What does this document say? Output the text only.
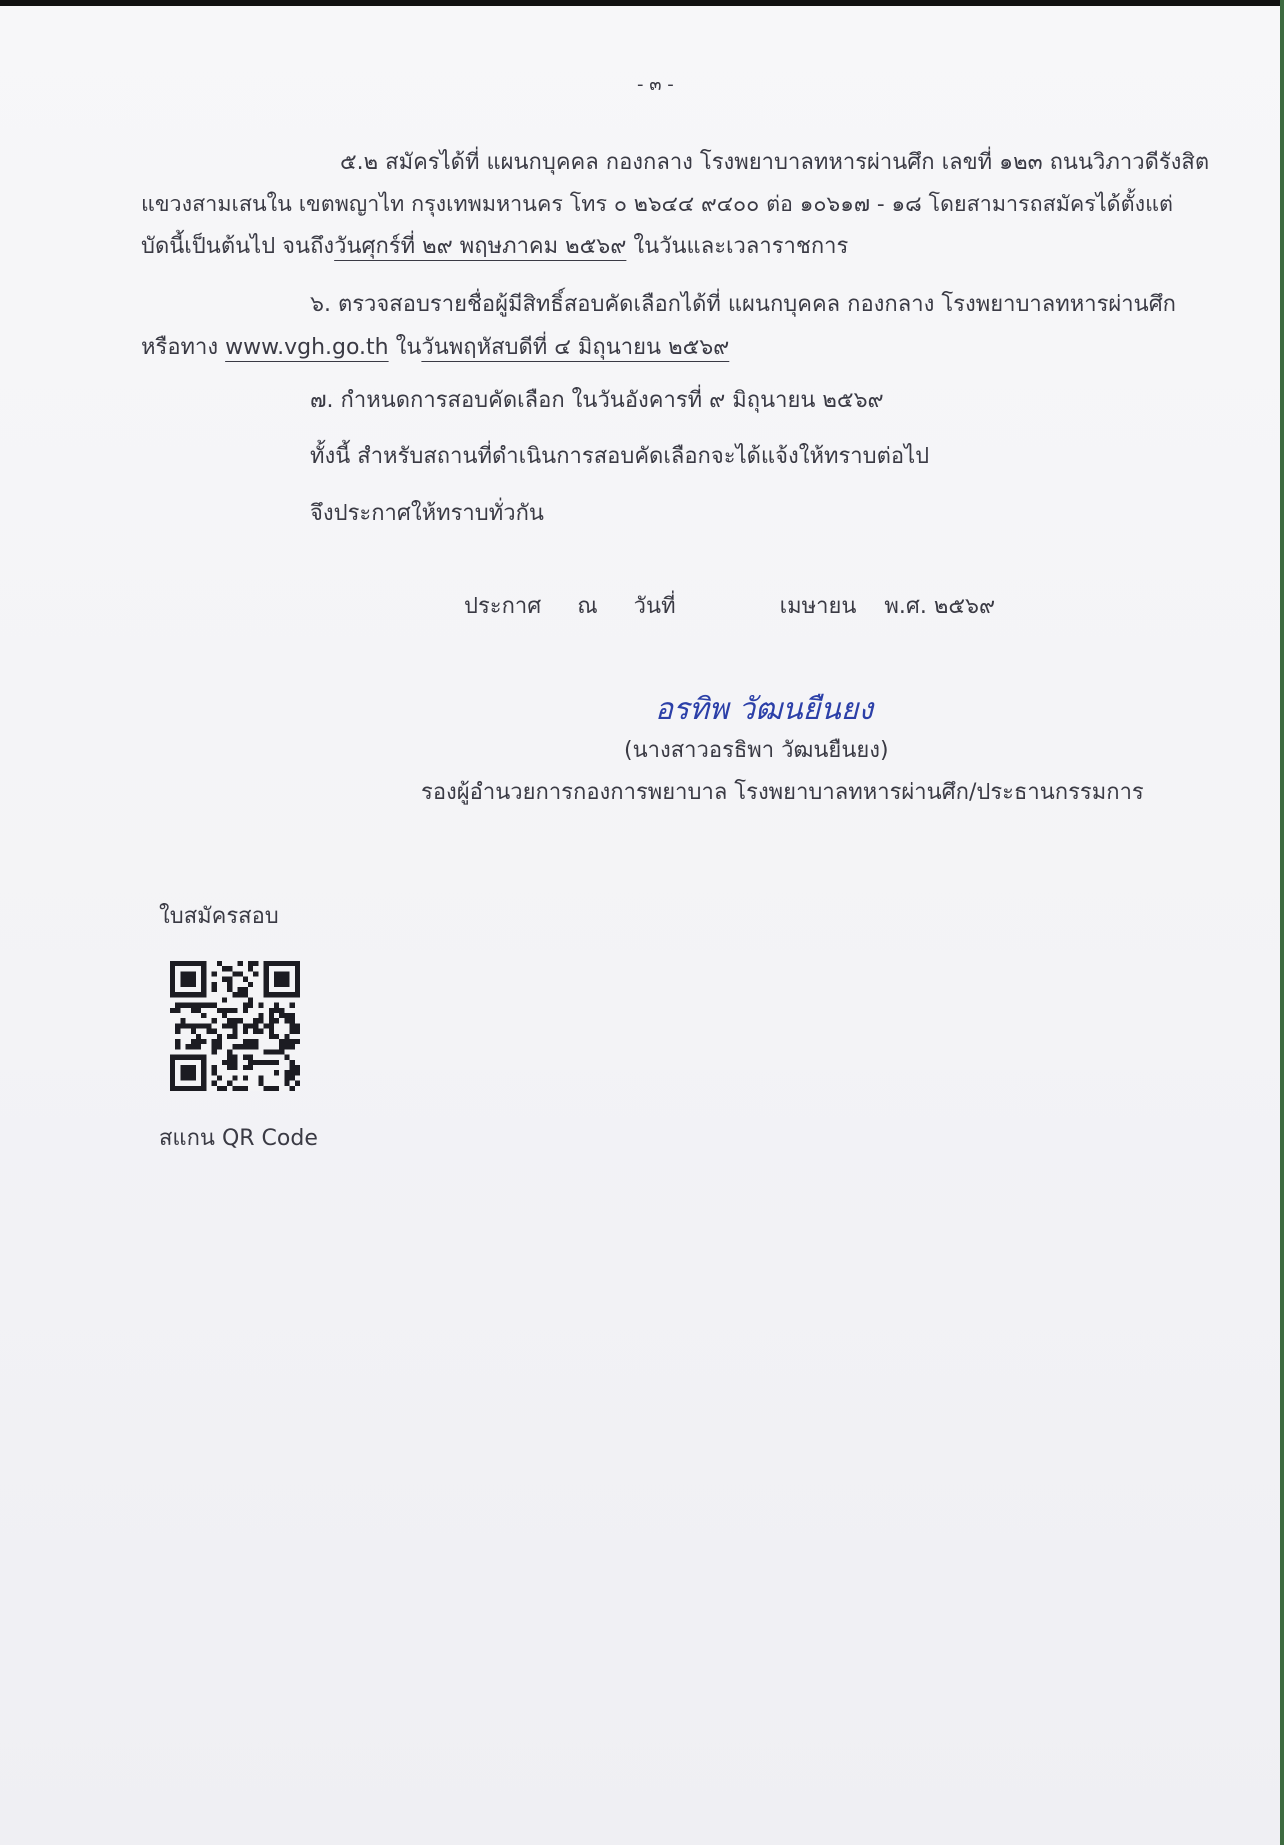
- ๓ -
๕.๒ สมัครได้ที่ แผนกบุคคล กองกลาง โรงพยาบาลทหารผ่านศึก เลขที่ ๑๒๓ ถนนวิภาวดีรังสิต
แขวงสามเสนใน เขตพญาไท กรุงเทพมหานคร โทร ๐ ๒๖๔๔ ๙๔๐๐ ต่อ ๑๐๖๑๗ - ๑๘ โดยสามารถสมัครได้ตั้งแต่
บัดนี้เป็นต้นไป จนถึงวันศุกร์ที่ ๒๙ พฤษภาคม ๒๕๖๙ ในวันและเวลาราชการ
๖. ตรวจสอบรายชื่อผู้มีสิทธิ์สอบคัดเลือกได้ที่ แผนกบุคคล กองกลาง โรงพยาบาลทหารผ่านศึก
หรือทาง www.vgh.go.th ในวันพฤหัสบดีที่ ๔ มิถุนายน ๒๕๖๙
๗. กำหนดการสอบคัดเลือก ในวันอังคารที่ ๙ มิถุนายน ๒๕๖๙
ทั้งนี้ สำหรับสถานที่ดำเนินการสอบคัดเลือกจะได้แจ้งให้ทราบต่อไป
จึงประกาศให้ทราบทั่วกัน
ประกาศ ณ วันที่	เมษายน พ.ศ. ๒๕๖๙
อรทิพ วัฒนยืนยง
(นางสาวอรธิพา วัฒนยืนยง)
รองผู้อำนวยการกองการพยาบาล โรงพยาบาลทหารผ่านศึก/ประธานกรรมการ
ใบสมัครสอบ
สแกน QR Code
